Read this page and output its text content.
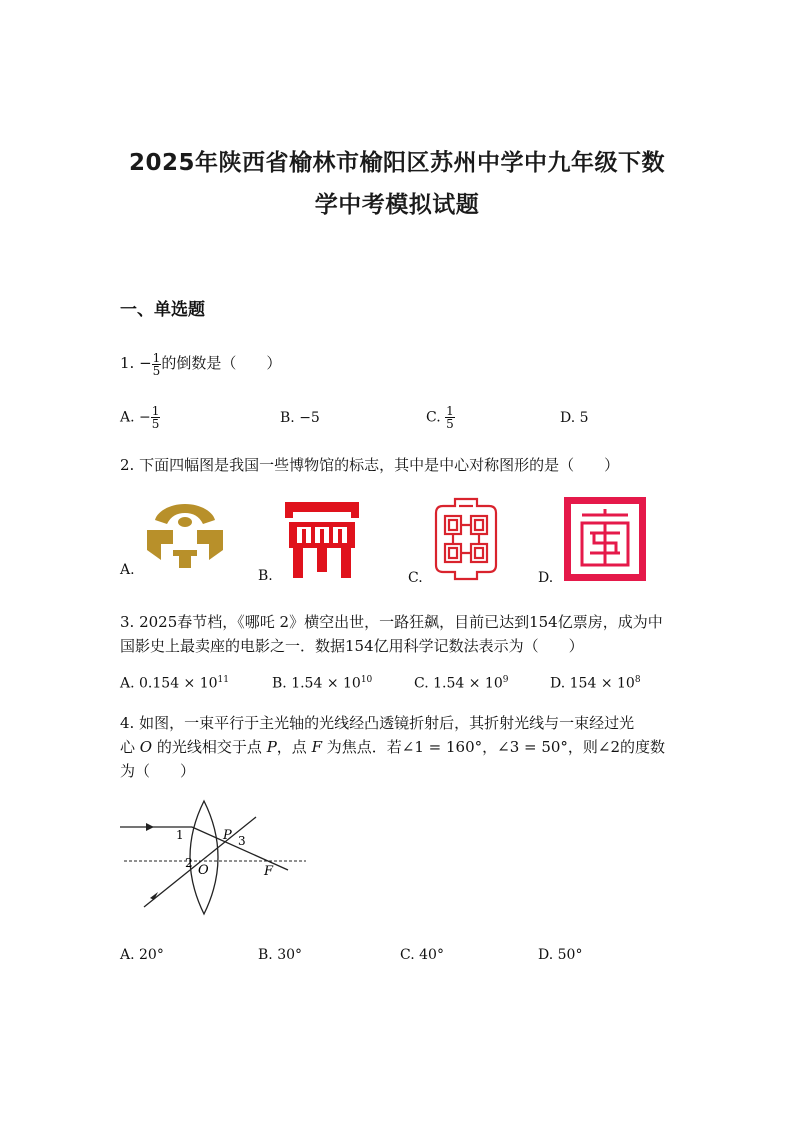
2025年陕西省榆林市榆阳区苏州中学中九年级下数
学中考模拟试题
一、单选题
1. − $\frac{1}{5}$ 的倒数是（　　）
A. − $\frac{1}{5}$	B. −5	C. $\frac{1}{5}$	D. 5
2. 下面四幅图是我国一些博物馆的标志，其中是中心对称图形的是（　　）
A.	B.	C.	D.
3. 2025春节档，《哪吒 2》横空出世，一路狂飙，目前已达到154亿票房，成为中
国影史上最卖座的电影之一．数据154亿用科学记数法表示为（　　）
A. $0.154 \times 10^{11}$	B. $1.54 \times 10^{10}$	C. $1.54 \times 10^9$	D. $154 \times 10^8$
4. 如图，一束平行于主光轴的光线经凸透镜折射后，其折射光线与一束经过光
心 O 的光线相交于点 P，点 F 为焦点．若∠1 = 160°，∠3 = 50°，则∠2的度数
为（　　）
1
2
3
P
O	F
A. 20°	B. 30°	C. 40°	D. 50°
